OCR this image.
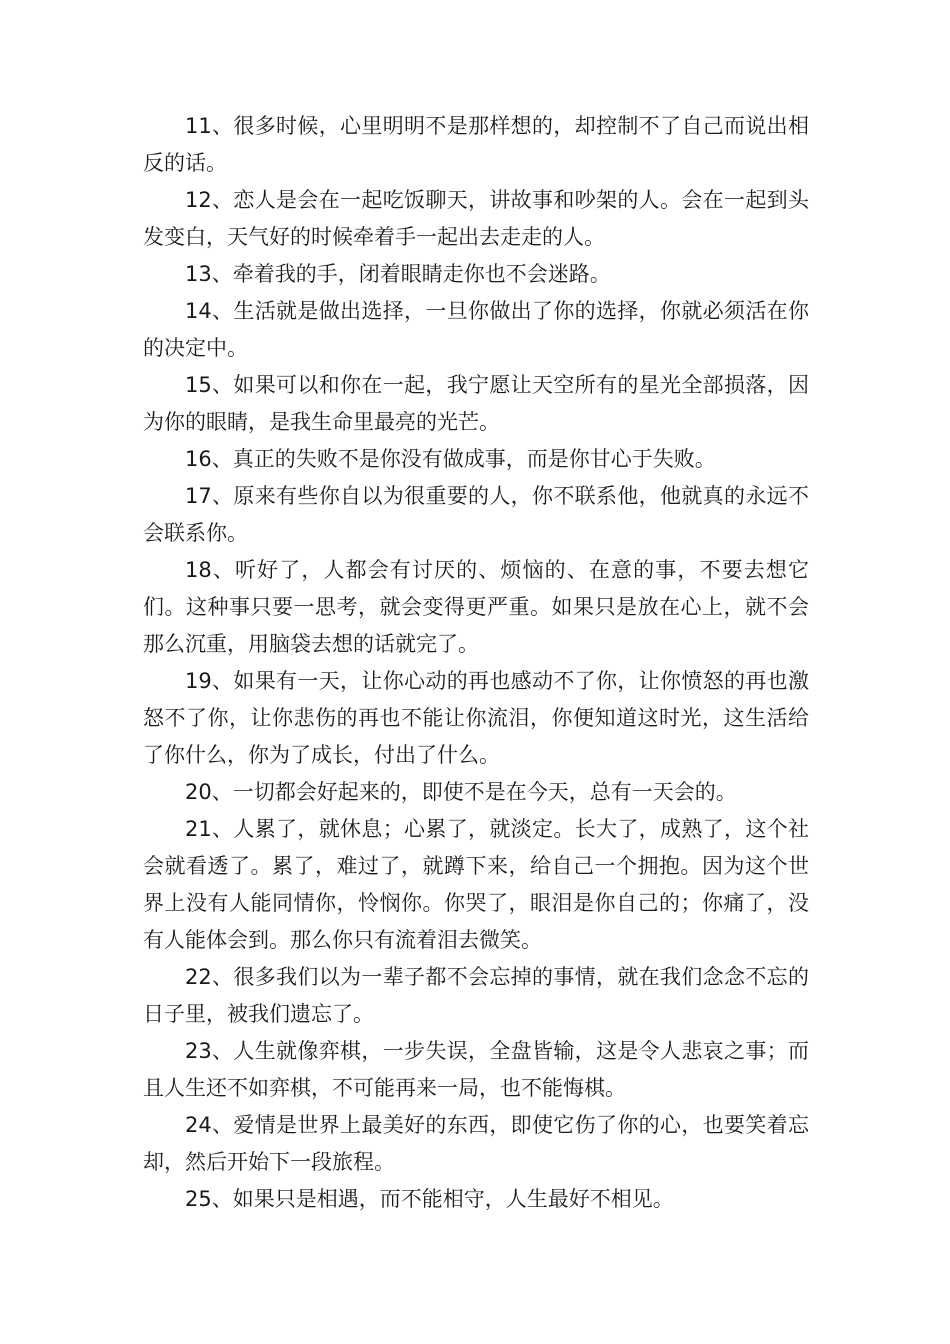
11、很多时候，心里明明不是那样想的，却控制不了自己而说出相反的话。

12、恋人是会在一起吃饭聊天，讲故事和吵架的人。会在一起到头发变白，天气好的时候牵着手一起出去走走的人。

13、牵着我的手，闭着眼睛走你也不会迷路。

14、生活就是做出选择，一旦你做出了你的选择，你就必须活在你的决定中。

15、如果可以和你在一起，我宁愿让天空所有的星光全部损落，因为你的眼睛，是我生命里最亮的光芒。

16、真正的失败不是你没有做成事，而是你甘心于失败。

17、原来有些你自以为很重要的人，你不联系他，他就真的永远不会联系你。

18、听好了，人都会有讨厌的、烦恼的、在意的事，不要去想它们。这种事只要一思考，就会变得更严重。如果只是放在心上，就不会那么沉重，用脑袋去想的话就完了。

19、如果有一天，让你心动的再也感动不了你，让你愤怒的再也激怒不了你，让你悲伤的再也不能让你流泪，你便知道这时光，这生活给了你什么，你为了成长，付出了什么。

20、一切都会好起来的，即使不是在今天，总有一天会的。

21、人累了，就休息；心累了，就淡定。长大了，成熟了，这个社会就看透了。累了，难过了，就蹲下来，给自己一个拥抱。因为这个世界上没有人能同情你，怜悯你。你哭了，眼泪是你自己的；你痛了，没有人能体会到。那么你只有流着泪去微笑。

22、很多我们以为一辈子都不会忘掉的事情，就在我们念念不忘的日子里，被我们遗忘了。

23、人生就像弈棋，一步失误，全盘皆输，这是令人悲哀之事；而且人生还不如弈棋，不可能再来一局，也不能悔棋。

24、爱情是世界上最美好的东西，即使它伤了你的心，也要笑着忘却，然后开始下一段旅程。

25、如果只是相遇，而不能相守，人生最好不相见。
